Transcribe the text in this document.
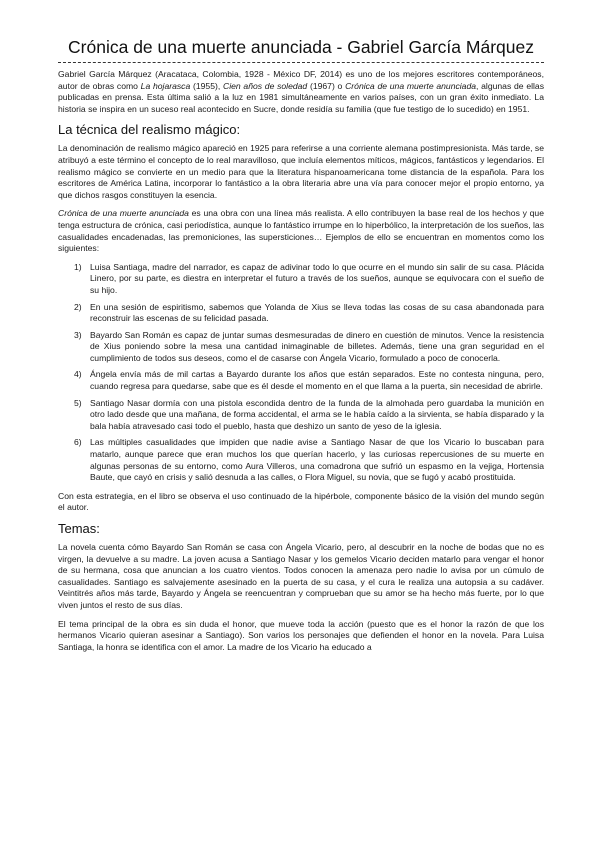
Crónica de una muerte anunciada - Gabriel García Márquez

Gabriel García Márquez (Aracataca, Colombia, 1928 - México DF, 2014) es uno de los mejores escritores contemporáneos, autor de obras como La hojarasca (1955), Cien años de soledad (1967) o Crónica de una muerte anunciada, algunas de ellas publicadas en prensa. Esta última salió a la luz en 1981 simultáneamente en varios países, con un gran éxito inmediato. La historia se inspira en un suceso real acontecido en Sucre, donde residía su familia (que fue testigo de lo sucedido) en 1951.

La técnica del realismo mágico:

La denominación de realismo mágico apareció en 1925 para referirse a una corriente alemana postimpresionista. Más tarde, se atribuyó a este término el concepto de lo real maravilloso, que incluía elementos míticos, mágicos, fantásticos y legendarios. El realismo mágico se convierte en un medio para que la literatura hispanoamericana tome distancia de la española. Para los escritores de América Latina, incorporar lo fantástico a la obra literaria abre una vía para conocer mejor el propio entorno, ya que dichos rasgos constituyen la esencia.

Crónica de una muerte anunciada es una obra con una línea más realista. A ello contribuyen la base real de los hechos y que tenga estructura de crónica, casi periodística, aunque lo fantástico irrumpe en lo hiperbólico, la interpretación de los sueños, las casualidades encadenadas, las premoniciones, las supersticiones… Ejemplos de ello se encuentran en momentos como los siguientes:

1) Luisa Santiaga, madre del narrador, es capaz de adivinar todo lo que ocurre en el mundo sin salir de su casa. Plácida Linero, por su parte, es diestra en interpretar el futuro a través de los sueños, aunque se equivocara con el sueño de su hijo.
2) En una sesión de espiritismo, sabemos que Yolanda de Xius se lleva todas las cosas de su casa abandonada para reconstruir las escenas de su felicidad pasada.
3) Bayardo San Román es capaz de juntar sumas desmesuradas de dinero en cuestión de minutos. Vence la resistencia de Xius poniendo sobre la mesa una cantidad inimaginable de billetes. Además, tiene una gran seguridad en el cumplimiento de todos sus deseos, como el de casarse con Ángela Vicario, formulado a poco de conocerla.
4) Ángela envía más de mil cartas a Bayardo durante los años que están separados. Este no contesta ninguna, pero, cuando regresa para quedarse, sabe que es él desde el momento en el que llama a la puerta, sin necesidad de abrirle.
5) Santiago Nasar dormía con una pistola escondida dentro de la funda de la almohada pero guardaba la munición en otro lado desde que una mañana, de forma accidental, el arma se le había caído a la sirvienta, se había disparado y la bala había atravesado casi todo el pueblo, hasta que deshizo un santo de yeso de la iglesia.
6) Las múltiples casualidades que impiden que nadie avise a Santiago Nasar de que los Vicario lo buscaban para matarlo, aunque parece que eran muchos los que querían hacerlo, y las curiosas repercusiones de su muerte en algunas personas de su entorno, como Aura Villeros, una comadrona que sufrió un espasmo en la vejiga, Hortensia Baute, que cayó en crisis y salió desnuda a las calles, o Flora Miguel, su novia, que se fugó y acabó prostituida.

Con esta estrategia, en el libro se observa el uso continuado de la hipérbole, componente básico de la visión del mundo según el autor.

Temas:

La novela cuenta cómo Bayardo San Román se casa con Ángela Vicario, pero, al descubrir en la noche de bodas que no es virgen, la devuelve a su madre. La joven acusa a Santiago Nasar y los gemelos Vicario deciden matarlo para vengar el honor de su hermana, cosa que anuncian a los cuatro vientos. Todos conocen la amenaza pero nadie lo avisa por un cúmulo de casualidades. Santiago es salvajemente asesinado en la puerta de su casa, y el cura le realiza una autopsia a su cadáver. Veintitrés años más tarde, Bayardo y Ángela se reencuentran y comprueban que su amor se ha hecho más fuerte, por lo que viven juntos el resto de sus días.

El tema principal de la obra es sin duda el honor, que mueve toda la acción (puesto que es el honor la razón de que los hermanos Vicario quieran asesinar a Santiago). Son varios los personajes que defienden el honor en la novela. Para Luisa Santiaga, la honra se identifica con el amor. La madre de los Vicario ha educado a
